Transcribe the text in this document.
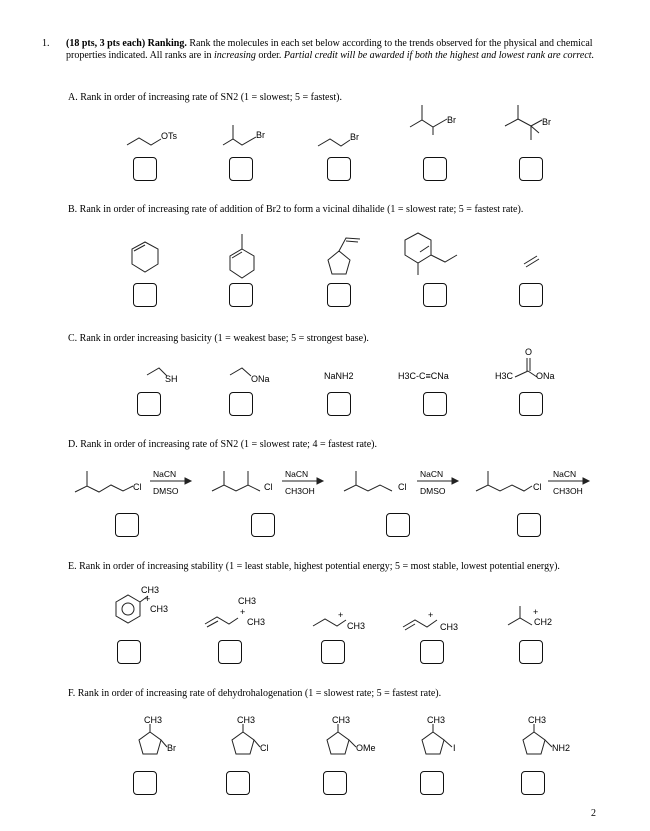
1. (18 pts, 3 pts each) Ranking. Rank the molecules in each set below according to the trends observed for the physical and chemical properties indicated. All ranks are in increasing order. Partial credit will be awarded if both the highest and lowest rank are correct.
A. Rank in order of increasing rate of SN2 (1 = slowest; 5 = fastest).
B. Rank in order of increasing rate of addition of Br2 to form a vicinal dihalide (1 = slowest rate; 5 = fastest rate).
C. Rank in order increasing basicity (1 = weakest base; 5 = strongest base).
D. Rank in order of increasing rate of SN2 (1 = slowest rate; 4 = fastest rate).
E. Rank in order of increasing stability (1 = least stable, highest potential energy; 5 = most stable, lowest potential energy).
F. Rank in order of increasing rate of dehydrohalogenation (1 = slowest rate; 5 = fastest rate).
OTs	Br	Br
Br	Br
SH	ONa	NaNH2	H3C-C≡CNa	H3C	ONa
O
Cl	Cl	Cl	Cl
NaCN
DMSO
NaCN
CH3OH
NaCN
DMSO
NaCN
CH3OH
CH3
CH3
CH3
CH3	CH3	CH3	CH2
+
+	+	+	+
CH3	CH3	CH3	CH3	CH3
Br	Cl	OMe	I	NH2
2
